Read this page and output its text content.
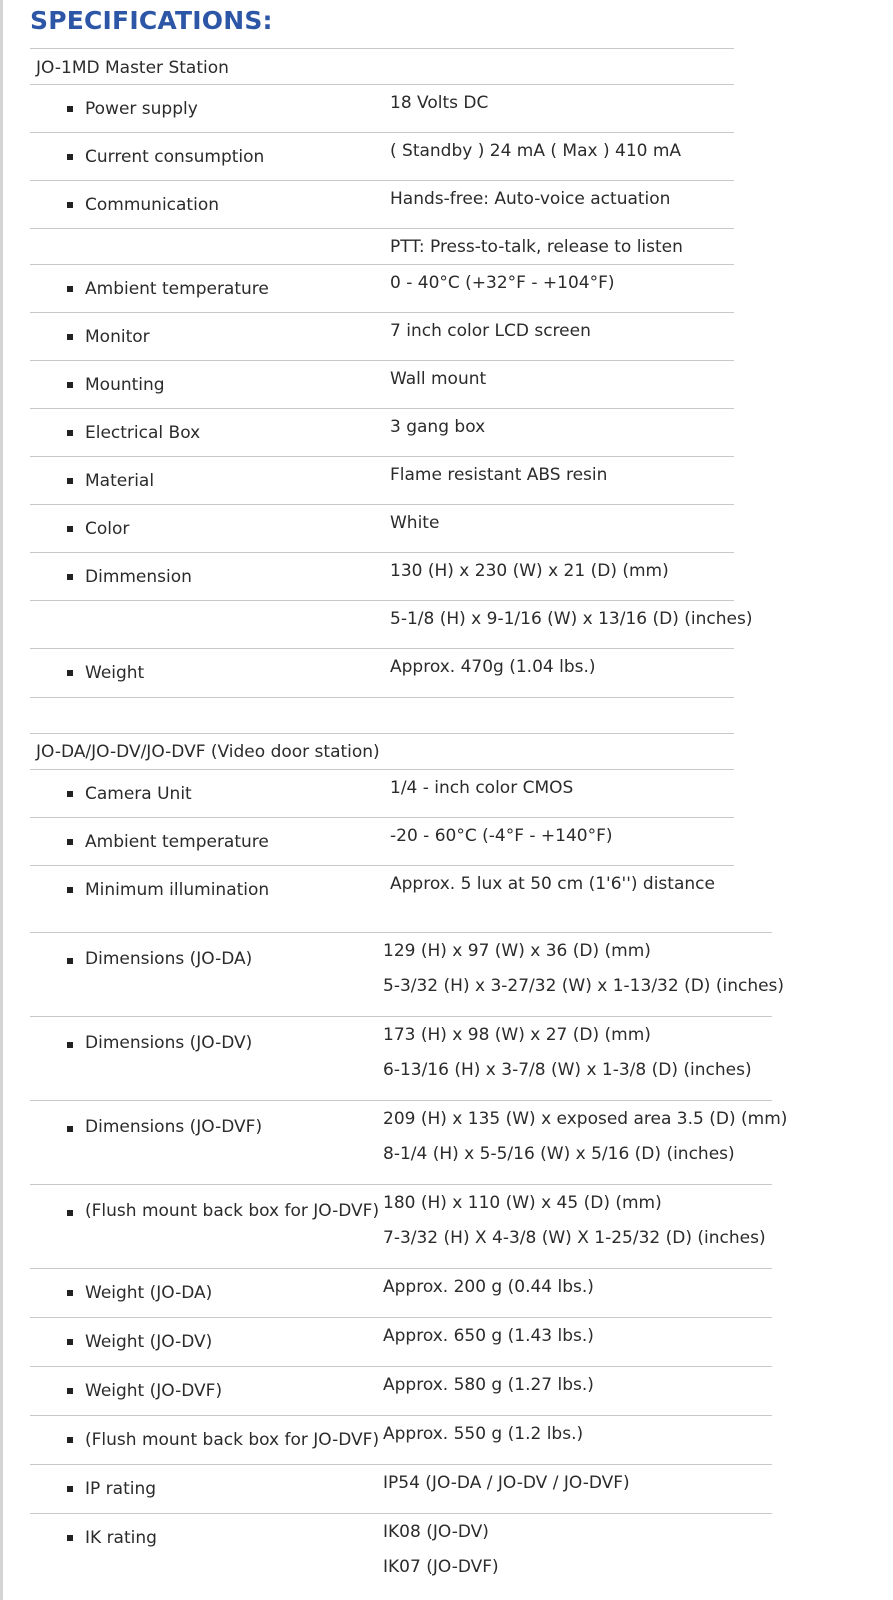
SPECIFICATIONS:
JO-1MD Master Station
Power supply	18 Volts DC
Current consumption	( Standby ) 24 mA ( Max ) 410 mA
Communication	Hands-free: Auto-voice actuation
PTT: Press-to-talk, release to listen
Ambient temperature	0 - 40°C (+32°F - +104°F)
Monitor	7 inch color LCD screen
Mounting	Wall mount
Electrical Box	3 gang box
Material	Flame resistant ABS resin
Color	White
Dimmension	130 (H) x 230 (W) x 21 (D) (mm)
5-1/8 (H) x 9-1/16 (W) x 13/16 (D) (inches)
Weight	Approx. 470g (1.04 lbs.)
JO-DA/JO-DV/JO-DVF (Video door station)
Camera Unit	1/4 - inch color CMOS
Ambient temperature	-20 - 60°C (-4°F - +140°F)
Minimum illumination	Approx. 5 lux at 50 cm (1'6'') distance
Dimensions (JO-DA)	129 (H) x 97 (W) x 36 (D) (mm)
5-3/32 (H) x 3-27/32 (W) x 1-13/32 (D) (inches)
Dimensions (JO-DV)	173 (H) x 98 (W) x 27 (D) (mm)
6-13/16 (H) x 3-7/8 (W) x 1-3/8 (D) (inches)
Dimensions (JO-DVF)	209 (H) x 135 (W) x exposed area 3.5 (D) (mm)
8-1/4 (H) x 5-5/16 (W) x 5/16 (D) (inches)
(Flush mount back box for JO-DVF) 180 (H) x 110 (W) x 45 (D) (mm)
7-3/32 (H) X 4-3/8 (W) X 1-25/32 (D) (inches)
Weight (JO-DA)	Approx. 200 g (0.44 lbs.)
Weight (JO-DV)	Approx. 650 g (1.43 lbs.)
Weight (JO-DVF)	Approx. 580 g (1.27 lbs.)
(Flush mount back box for JO-DVF) Approx. 550 g (1.2 lbs.)
IP rating	IP54 (JO-DA / JO-DV / JO-DVF)
IK rating	IK08 (JO-DV)
IK07 (JO-DVF)
